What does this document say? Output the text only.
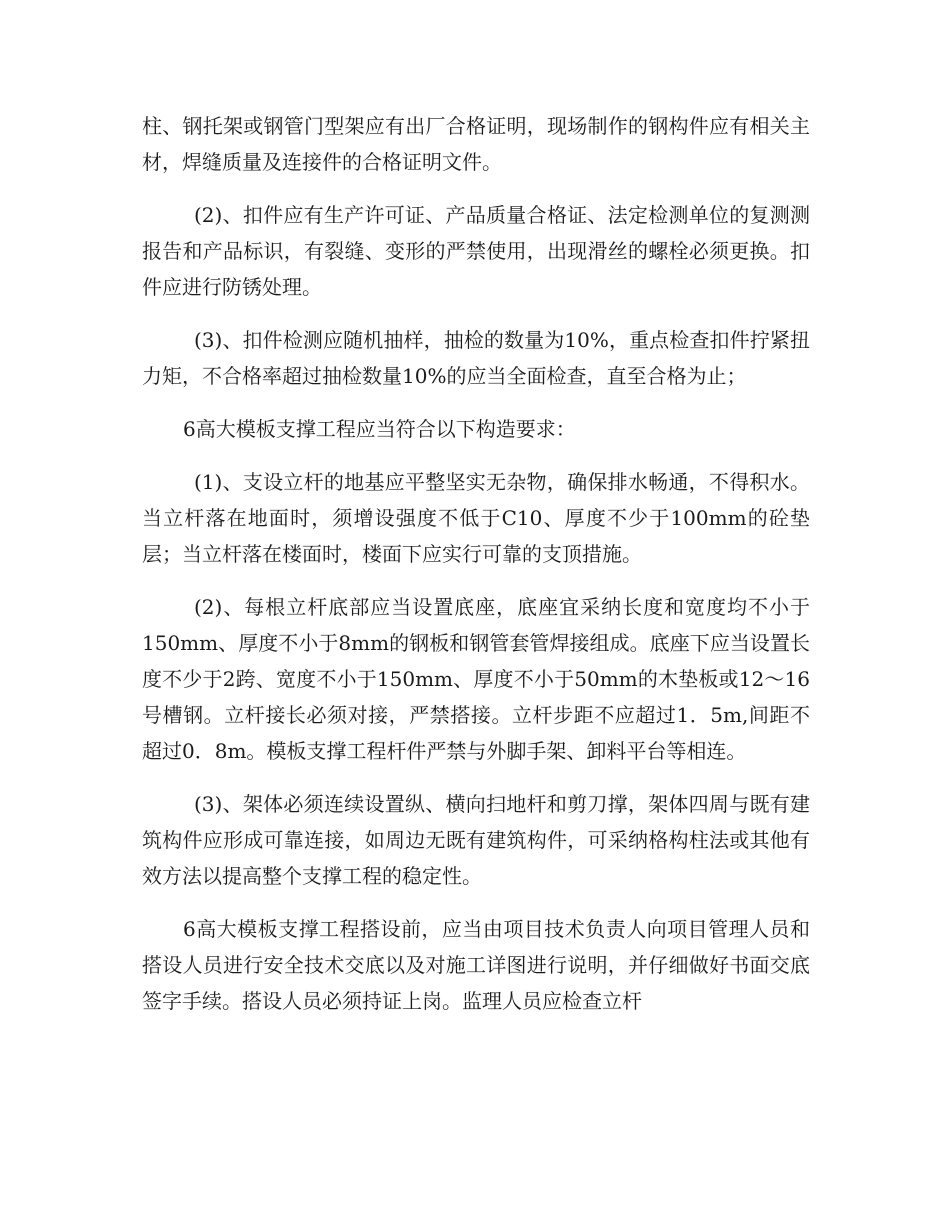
柱、钢托架或钢管门型架应有出厂合格证明，现场制作的钢构件应有相关主材，焊缝质量及连接件的合格证明文件。

(2)、扣件应有生产许可证、产品质量合格证、法定检测单位的复测测报告和产品标识，有裂缝、变形的严禁使用，出现滑丝的螺栓必须更换。扣件应进行防锈处理。

(3)、扣件检测应随机抽样，抽检的数量为10%，重点检查扣件拧紧扭力矩，不合格率超过抽检数量10%的应当全面检查，直至合格为止；

6高大模板支撑工程应当符合以下构造要求：

(1)、支设立杆的地基应平整坚实无杂物，确保排水畅通，不得积水。当立杆落在地面时，须增设强度不低于C10、厚度不少于100mm的砼垫层；当立杆落在楼面时，楼面下应实行可靠的支顶措施。

(2)、每根立杆底部应当设置底座，底座宜采纳长度和宽度均不小于150mm、厚度不小于8mm的钢板和钢管套管焊接组成。底座下应当设置长度不少于2跨、宽度不小于150mm、厚度不小于50mm的木垫板或12～16号槽钢。立杆接长必须对接，严禁搭接。立杆步距不应超过1．5m,间距不超过0．8m。模板支撑工程杆件严禁与外脚手架、卸料平台等相连。

(3)、架体必须连续设置纵、横向扫地杆和剪刀撑，架体四周与既有建筑构件应形成可靠连接，如周边无既有建筑构件，可采纳格构柱法或其他有效方法以提高整个支撑工程的稳定性。

6高大模板支撑工程搭设前，应当由项目技术负责人向项目管理人员和搭设人员进行安全技术交底以及对施工详图进行说明，并仔细做好书面交底签字手续。搭设人员必须持证上岗。监理人员应检查立杆
